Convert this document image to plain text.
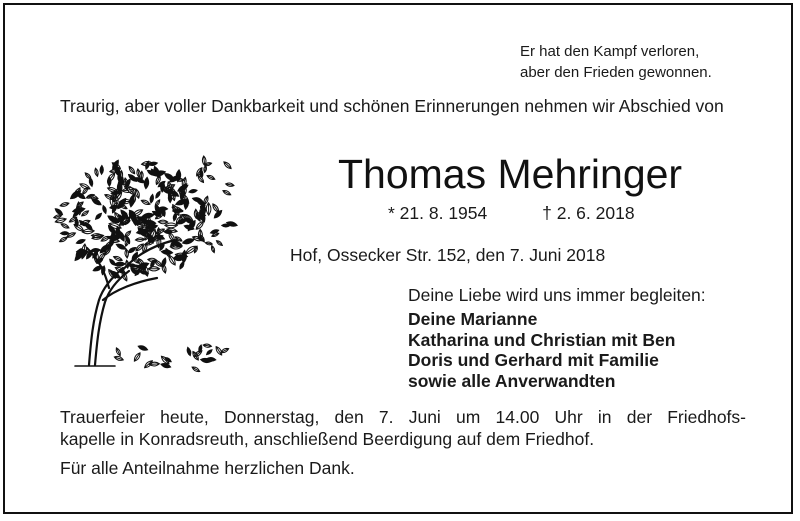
Er hat den Kampf verloren,
aber den Frieden gewonnen.
Traurig, aber voller Dankbarkeit und schönen Erinnerungen nehmen wir Abschied von
Thomas Mehringer
* 21. 8. 1954	† 2. 6. 2018
Hof, Ossecker Str. 152, den 7. Juni 2018
Deine Liebe wird uns immer begleiten:
Deine Marianne
Katharina und Christian mit Ben
Doris und Gerhard mit Familie
sowie alle Anverwandten
Trauerfeier heute, Donnerstag, den 7. Juni um 14.00 Uhr in der Friedhofs-
kapelle in Konradsreuth, anschließend Beerdigung auf dem Friedhof.
Für alle Anteilnahme herzlichen Dank.
